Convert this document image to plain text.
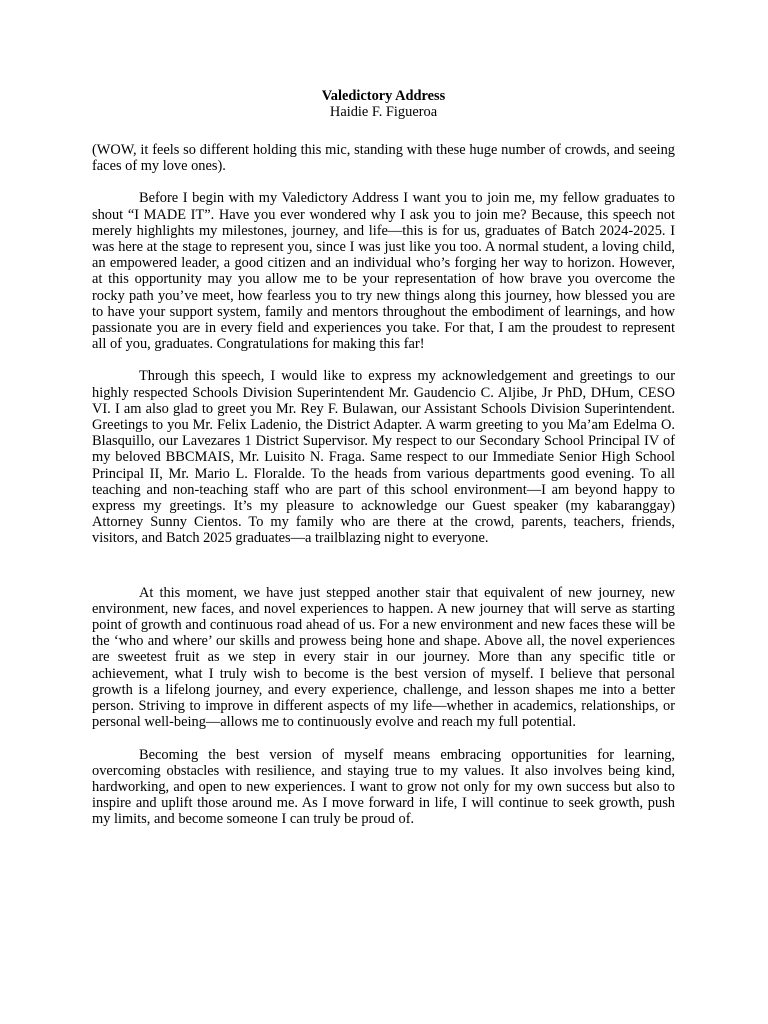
Valedictory Address

Haidie F. Figueroa

(WOW, it feels so different holding this mic, standing with these huge number of crowds, and seeing faces of my love ones).

Before I begin with my Valedictory Address I want you to join me, my fellow graduates to shout “I MADE IT”. Have you ever wondered why I ask you to join me? Because, this speech not merely highlights my milestones, journey, and life—this is for us, graduates of Batch 2024-2025. I was here at the stage to represent you, since I was just like you too. A normal student, a loving child, an empowered leader, a good citizen and an individual who’s forging her way to horizon. However, at this opportunity may you allow me to be your representation of how brave you overcome the rocky path you’ve meet, how fearless you to try new things along this journey, how blessed you are to have your support system, family and mentors throughout the embodiment of learnings, and how passionate you are in every field and experiences you take. For that, I am the proudest to represent all of you, graduates. Congratulations for making this far!

Through this speech, I would like to express my acknowledgement and greetings to our highly respected Schools Division Superintendent Mr. Gaudencio C. Aljibe, Jr PhD, DHum, CESO VI. I am also glad to greet you Mr. Rey F. Bulawan, our Assistant Schools Division Superintendent. Greetings to you Mr. Felix Ladenio, the District Adapter. A warm greeting to you Ma’am Edelma O. Blasquillo, our Lavezares 1 District Supervisor. My respect to our Secondary School Principal IV of my beloved BBCMAIS, Mr. Luisito N. Fraga. Same respect to our Immediate Senior High School Principal II, Mr. Mario L. Floralde. To the heads from various departments good evening. To all teaching and non-teaching staff who are part of this school environment—I am beyond happy to express my greetings. It’s my pleasure to acknowledge our Guest speaker (my kabaranggay) Attorney Sunny Cientos. To my family who are there at the crowd, parents, teachers, friends, visitors, and Batch 2025 graduates—a trailblazing night to everyone.

At this moment, we have just stepped another stair that equivalent of new journey, new environment, new faces, and novel experiences to happen. A new journey that will serve as starting point of growth and continuous road ahead of us. For a new environment and new faces these will be the ‘who and where’ our skills and prowess being hone and shape. Above all, the novel experiences are sweetest fruit as we step in every stair in our journey. More than any specific title or achievement, what I truly wish to become is the best version of myself. I believe that personal growth is a lifelong journey, and every experience, challenge, and lesson shapes me into a better person. Striving to improve in different aspects of my life—whether in academics, relationships, or personal well-being—allows me to continuously evolve and reach my full potential.

Becoming the best version of myself means embracing opportunities for learning, overcoming obstacles with resilience, and staying true to my values. It also involves being kind, hardworking, and open to new experiences. I want to grow not only for my own success but also to inspire and uplift those around me. As I move forward in life, I will continue to seek growth, push my limits, and become someone I can truly be proud of.
